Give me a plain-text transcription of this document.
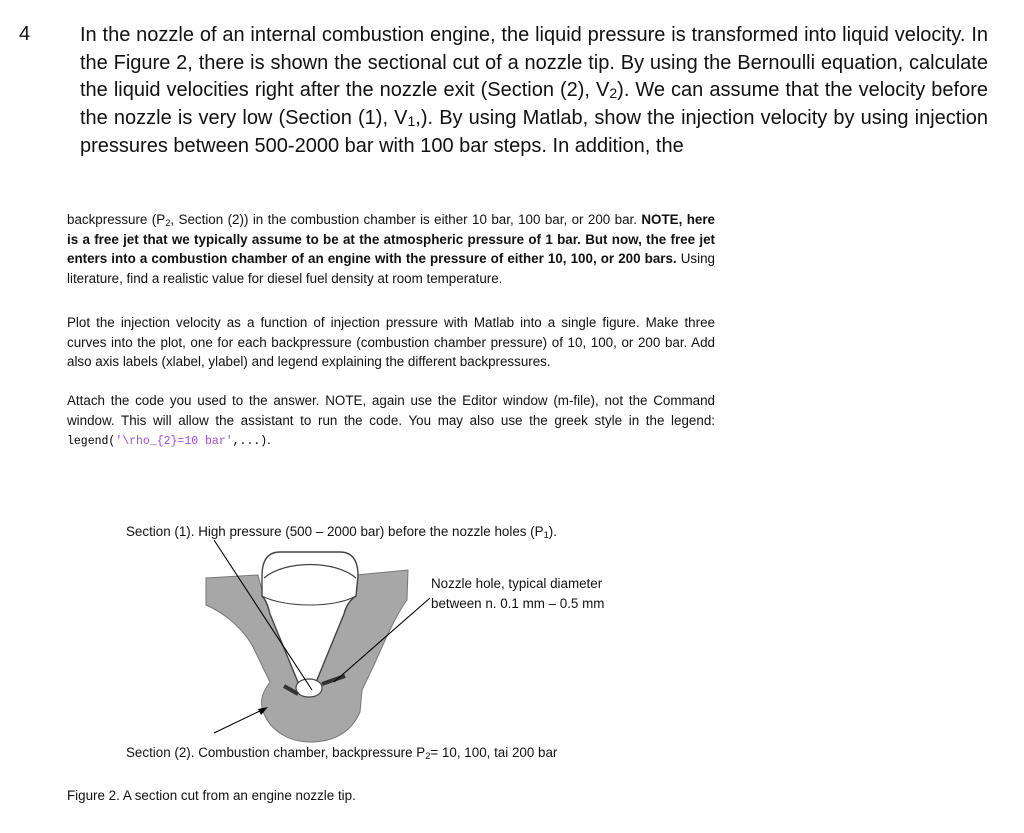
4 In the nozzle of an internal combustion engine, the liquid pressure is transformed into liquid velocity. In the Figure 2, there is shown the sectional cut of a nozzle tip. By using the Bernoulli equation, calculate the liquid velocities right after the nozzle exit (Section (2), $V_2$). We can assume that the velocity before the nozzle is very low (Section (1), $V_1$,). By using Matlab, show the injection velocity by using injection pressures between 500-2000 bar with 100 bar steps. In addition, the
backpressure ($P_2$, Section (2)) in the combustion chamber is either 10 bar, 100 bar, or 200 bar. NOTE, here is a free jet that we typically assume to be at the atmospheric pressure of 1 bar. But now, the free jet enters into a combustion chamber of an engine with the pressure of either 10, 100, or 200 bars. Using literature, find a realistic value for diesel fuel density at room temperature.
Plot the injection velocity as a function of injection pressure with Matlab into a single figure. Make three curves into the plot, one for each backpressure (combustion chamber pressure) of 10, 100, or 200 bar. Add also axis labels (xlabel, ylabel) and legend explaining the different backpressures.
Attach the code you used to the answer. NOTE, again use the Editor window (m-file), not the Command window. This will allow the assistant to run the code. You may also use the greek style in the legend: legend('\rho_{2}=10 bar',...).
Section (1). High pressure (500 – 2000 bar) before the nozzle holes $(P_1)$.
Nozzle hole, typical diameter
between n. 0.1 mm – 0.5 mm
Section (2). Combustion chamber, backpressure $P_2= 10$, 100, tai 200 bar
Figure 2. A section cut from an engine nozzle tip.
